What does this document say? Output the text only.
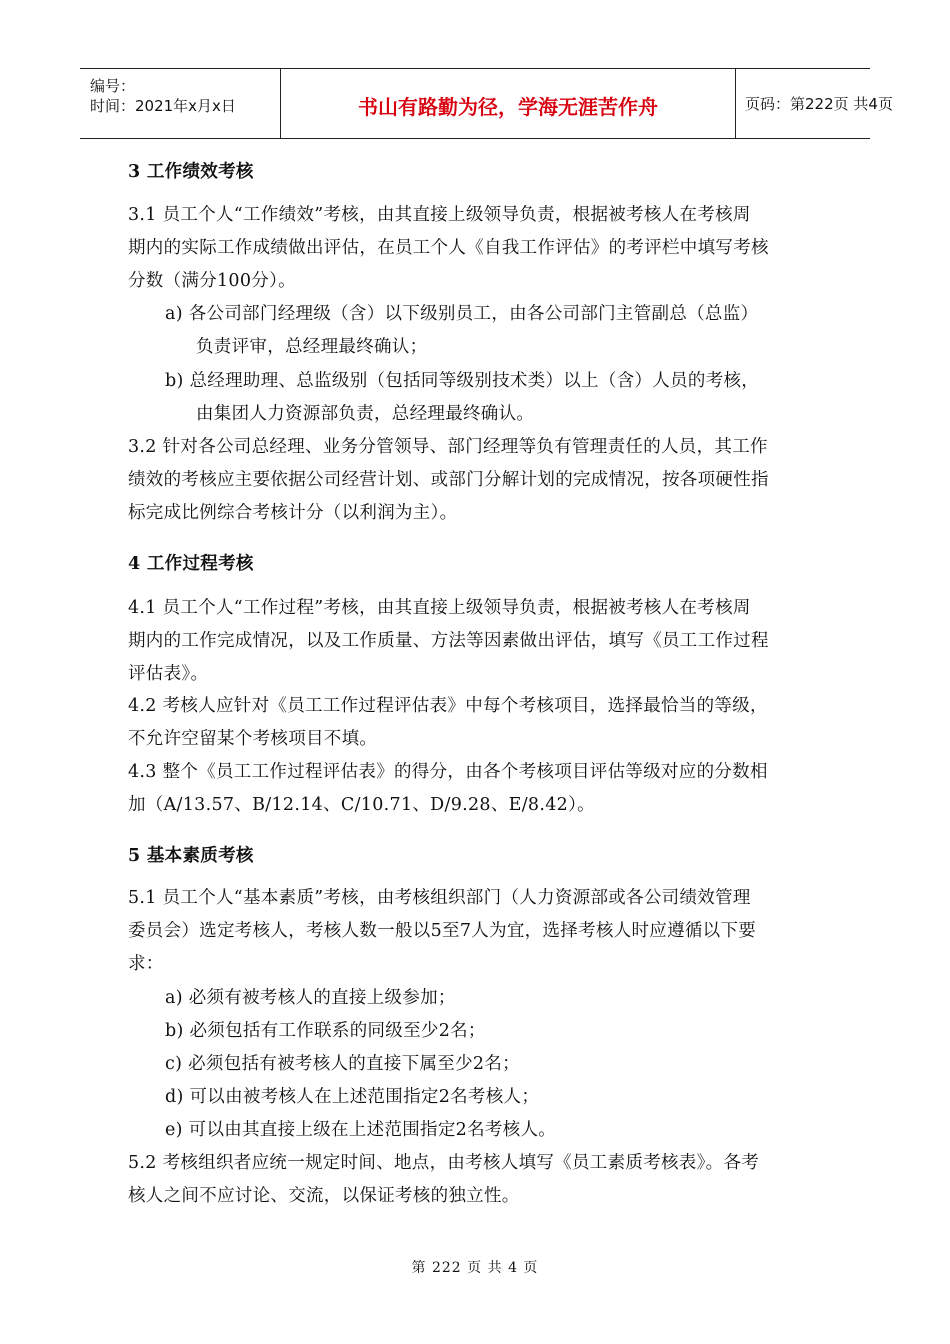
编号：
时间：2021年x月x日	书山有路勤为径，学海无涯苦作舟	页码：第222页 共4页
3 工作绩效考核
3.1 员工个人“工作绩效”考核，由其直接上级领导负责，根据被考核人在考核周
期内的实际工作成绩做出评估，在员工个人《自我工作评估》的考评栏中填写考核
分数（满分100分）。
a) 各公司部门经理级（含）以下级别员工，由各公司部门主管副总（总监）
负责评审，总经理最终确认；
b) 总经理助理、总监级别（包括同等级别技术类）以上（含）人员的考核，
由集团人力资源部负责，总经理最终确认。
3.2 针对各公司总经理、业务分管领导、部门经理等负有管理责任的人员，其工作
绩效的考核应主要依据公司经营计划、或部门分解计划的完成情况，按各项硬性指
标完成比例综合考核计分（以利润为主）。
4 工作过程考核
4.1 员工个人“工作过程”考核，由其直接上级领导负责，根据被考核人在考核周
期内的工作完成情况，以及工作质量、方法等因素做出评估，填写《员工工作过程
评估表》。
4.2 考核人应针对《员工工作过程评估表》中每个考核项目，选择最恰当的等级，
不允许空留某个考核项目不填。
4.3 整个《员工工作过程评估表》的得分，由各个考核项目评估等级对应的分数相
加（A/13.57、B/12.14、C/10.71、D/9.28、E/8.42）。
5 基本素质考核
5.1 员工个人“基本素质”考核，由考核组织部门（人力资源部或各公司绩效管理
委员会）选定考核人，考核人数一般以5至7人为宜，选择考核人时应遵循以下要
求：
a) 必须有被考核人的直接上级参加；
b) 必须包括有工作联系的同级至少2名；
c) 必须包括有被考核人的直接下属至少2名；
d) 可以由被考核人在上述范围指定2名考核人；
e) 可以由其直接上级在上述范围指定2名考核人。
5.2 考核组织者应统一规定时间、地点，由考核人填写《员工素质考核表》。各考
核人之间不应讨论、交流，以保证考核的独立性。
第 222 页 共 4 页
